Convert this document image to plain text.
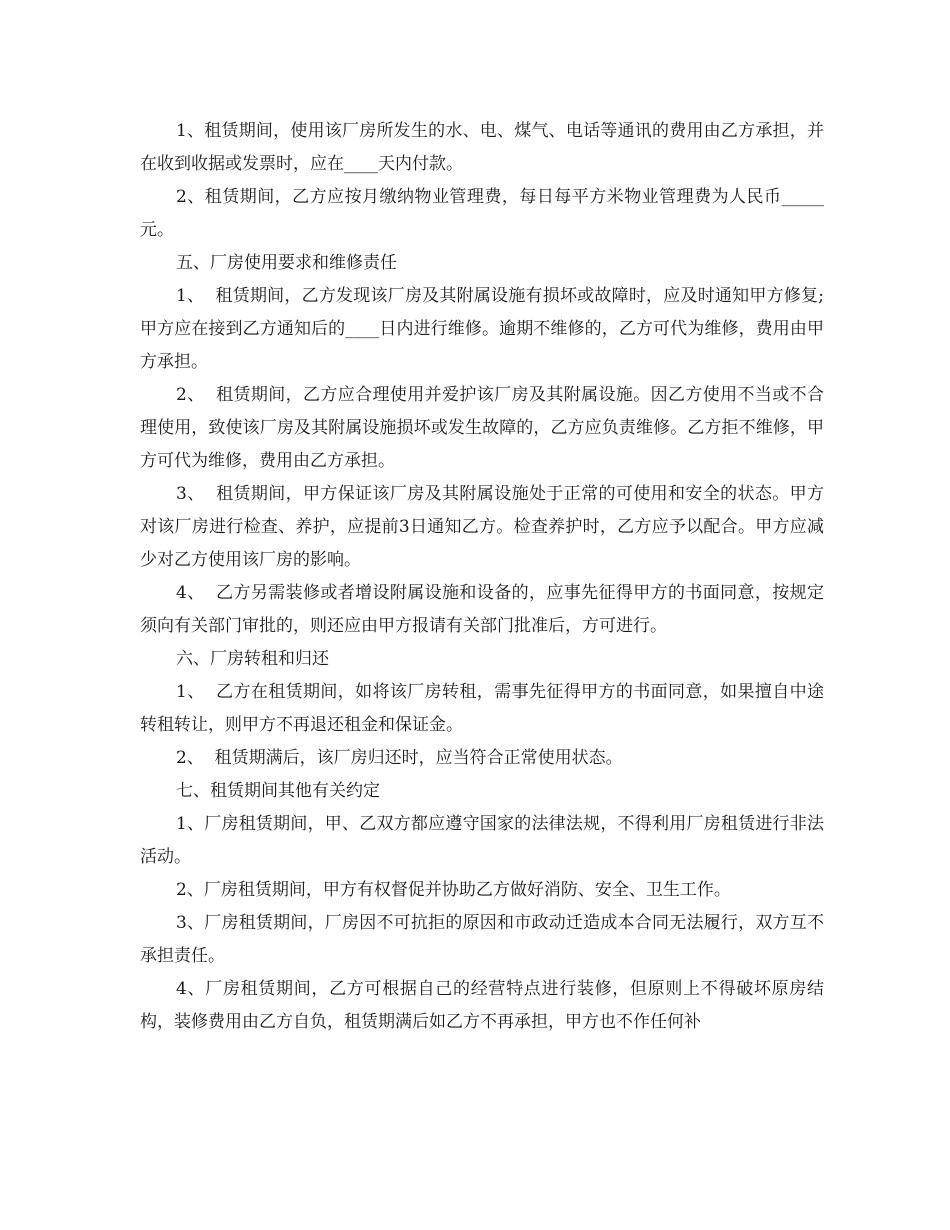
1、租赁期间，使用该厂房所发生的水、电、煤气、电话等通讯的费用由乙方承担，并在收到收据或发票时，应在____天内付款。

2、租赁期间，乙方应按月缴纳物业管理费，每日每平方米物业管理费为人民币_____元。

五、厂房使用要求和维修责任

1、  租赁期间，乙方发现该厂房及其附属设施有损坏或故障时，应及时通知甲方修复;甲方应在接到乙方通知后的____日内进行维修。逾期不维修的，乙方可代为维修，费用由甲方承担。

2、  租赁期间，乙方应合理使用并爱护该厂房及其附属设施。因乙方使用不当或不合理使用，致使该厂房及其附属设施损坏或发生故障的，乙方应负责维修。乙方拒不维修，甲方可代为维修，费用由乙方承担。

3、  租赁期间，甲方保证该厂房及其附属设施处于正常的可使用和安全的状态。甲方对该厂房进行检查、养护，应提前3日通知乙方。检查养护时，乙方应予以配合。甲方应减少对乙方使用该厂房的影响。

4、  乙方另需装修或者增设附属设施和设备的，应事先征得甲方的书面同意，按规定须向有关部门审批的，则还应由甲方报请有关部门批准后，方可进行。

六、厂房转租和归还

1、  乙方在租赁期间，如将该厂房转租，需事先征得甲方的书面同意，如果擅自中途转租转让，则甲方不再退还租金和保证金。

2、  租赁期满后，该厂房归还时，应当符合正常使用状态。

七、租赁期间其他有关约定

1、厂房租赁期间，甲、乙双方都应遵守国家的法律法规，不得利用厂房租赁进行非法活动。

2、厂房租赁期间，甲方有权督促并协助乙方做好消防、安全、卫生工作。

3、厂房租赁期间，厂房因不可抗拒的原因和市政动迁造成本合同无法履行，双方互不承担责任。

4、厂房租赁期间，乙方可根据自己的经营特点进行装修，但原则上不得破坏原房结构，装修费用由乙方自负，租赁期满后如乙方不再承担，甲方也不作任何补
